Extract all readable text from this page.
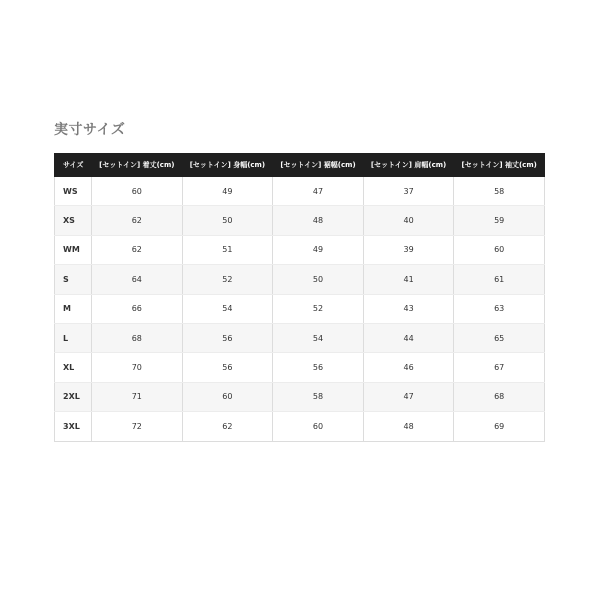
実寸サイズ
サイズ	[セットイン] 着丈(cm)	[セットイン] 身幅(cm)	[セットイン] 裾幅(cm)	[セットイン] 肩幅(cm)	[セットイン] 袖丈(cm)
WS	60	49	47	37	58
XS	62	50	48	40	59
WM	62	51	49	39	60
S	64	52	50	41	61
M	66	54	52	43	63
L	68	56	54	44	65
XL	70	56	56	46	67
2XL	71	60	58	47	68
3XL	72	62	60	48	69
